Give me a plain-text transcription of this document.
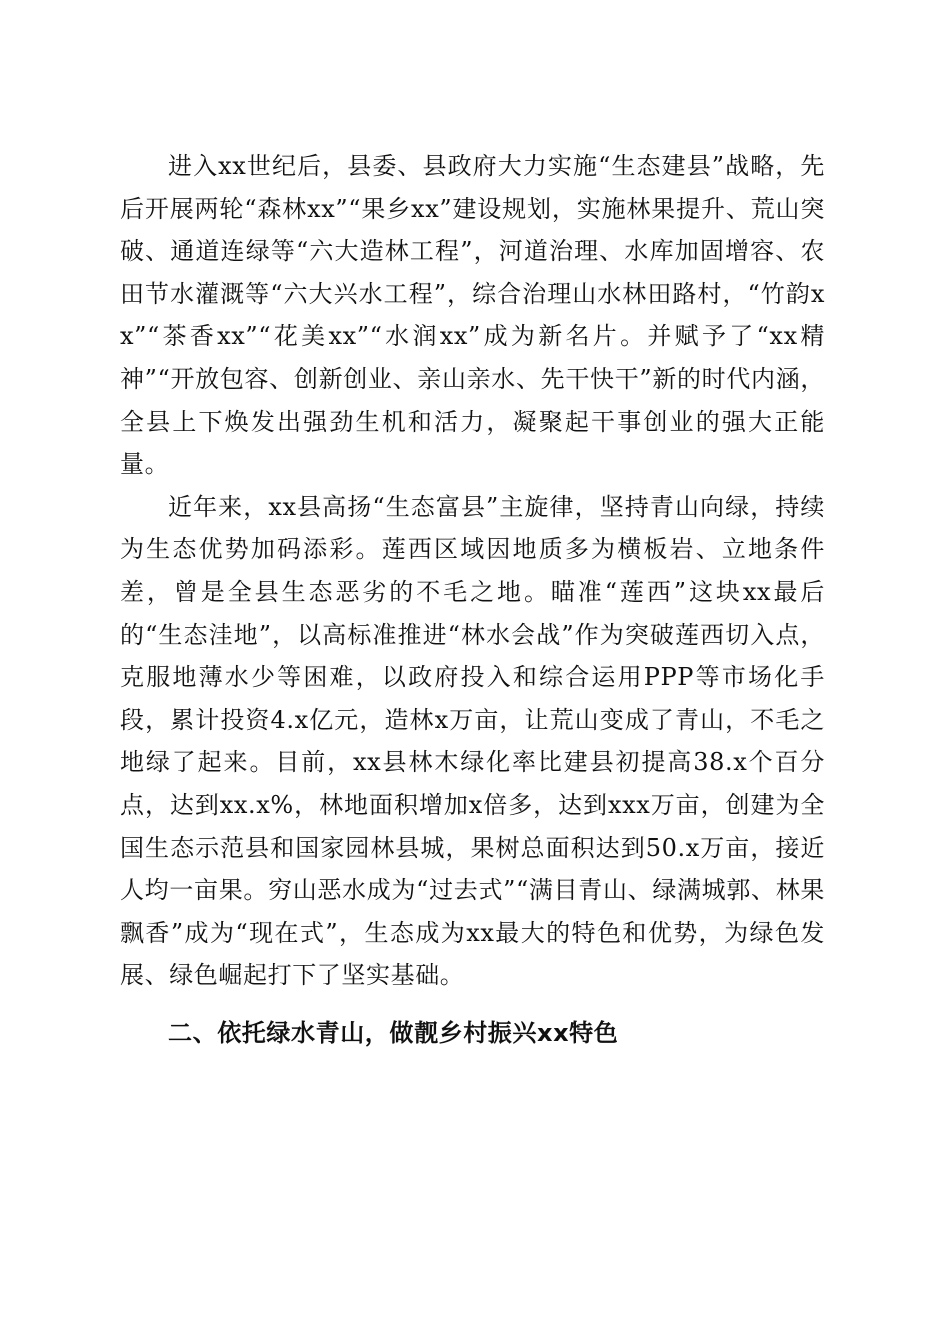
进入xx世纪后，县委、县政府大力实施“生态建县”战略，先后开展两轮“森林xx”“果乡xx”建设规划，实施林果提升、荒山突破、通道连绿等“六大造林工程”，河道治理、水库加固增容、农田节水灌溉等“六大兴水工程”，综合治理山水林田路村，“竹韵xx”“茶香xx”“花美xx”“水润xx”成为新名片。并赋予了“xx精神”“开放包容、创新创业、亲山亲水、先干快干”新的时代内涵，全县上下焕发出强劲生机和活力，凝聚起干事创业的强大正能量。

近年来，xx县高扬“生态富县”主旋律，坚持青山向绿，持续为生态优势加码添彩。莲西区域因地质多为横板岩、立地条件差，曾是全县生态恶劣的不毛之地。瞄准“莲西”这块xx最后的“生态洼地”，以高标准推进“林水会战”作为突破莲西切入点，克服地薄水少等困难，以政府投入和综合运用PPP等市场化手段，累计投资4.x亿元，造林x万亩，让荒山变成了青山，不毛之地绿了起来。目前，xx县林木绿化率比建县初提高38.x个百分点，达到xx.x%，林地面积增加x倍多，达到xxx万亩，创建为全国生态示范县和国家园林县城，果树总面积达到50.x万亩，接近人均一亩果。穷山恶水成为“过去式”“满目青山、绿满城郭、林果飘香”成为“现在式”，生态成为xx最大的特色和优势，为绿色发展、绿色崛起打下了坚实基础。

二、依托绿水青山，做靓乡村振兴xx特色
